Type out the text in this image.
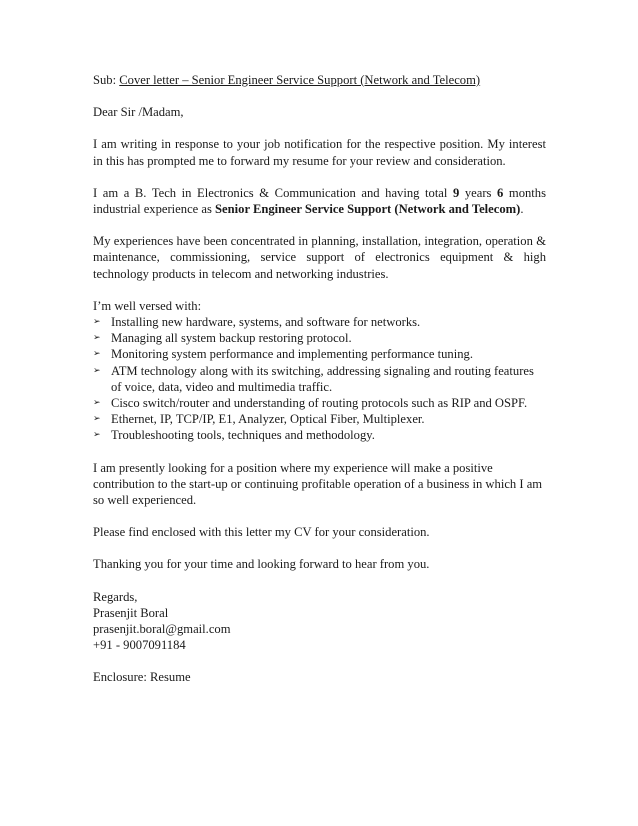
Sub: Cover letter – Senior Engineer Service Support (Network and Telecom)

Dear Sir /Madam,

I am writing in response to your job notification for the respective position. My interest in this has prompted me to forward my resume for your review and consideration.

I am a B. Tech in Electronics & Communication and having total 9 years 6 months industrial experience as Senior Engineer Service Support (Network and Telecom).

My experiences have been concentrated in planning, installation, integration, operation & maintenance, commissioning, service support of electronics equipment & high technology products in telecom and networking industries.

I’m well versed with:
➢ Installing new hardware, systems, and software for networks.
➢ Managing all system backup restoring protocol.
➢ Monitoring system performance and implementing performance tuning.
➢ ATM technology along with its switching, addressing signaling and routing features of voice, data, video and multimedia traffic.
➢ Cisco switch/router and understanding of routing protocols such as RIP and OSPF.
➢ Ethernet, IP, TCP/IP, E1, Analyzer, Optical Fiber, Multiplexer.
➢ Troubleshooting tools, techniques and methodology.
I am presently looking for a position where my experience will make a positive
contribution to the start-up or continuing profitable operation of a business in which I am
so well experienced.

Please find enclosed with this letter my CV for your consideration.

Thanking you for your time and looking forward to hear from you.

Regards,
Prasenjit Boral
prasenjit.boral@gmail.com
+91 - 9007091184

Enclosure: Resume
